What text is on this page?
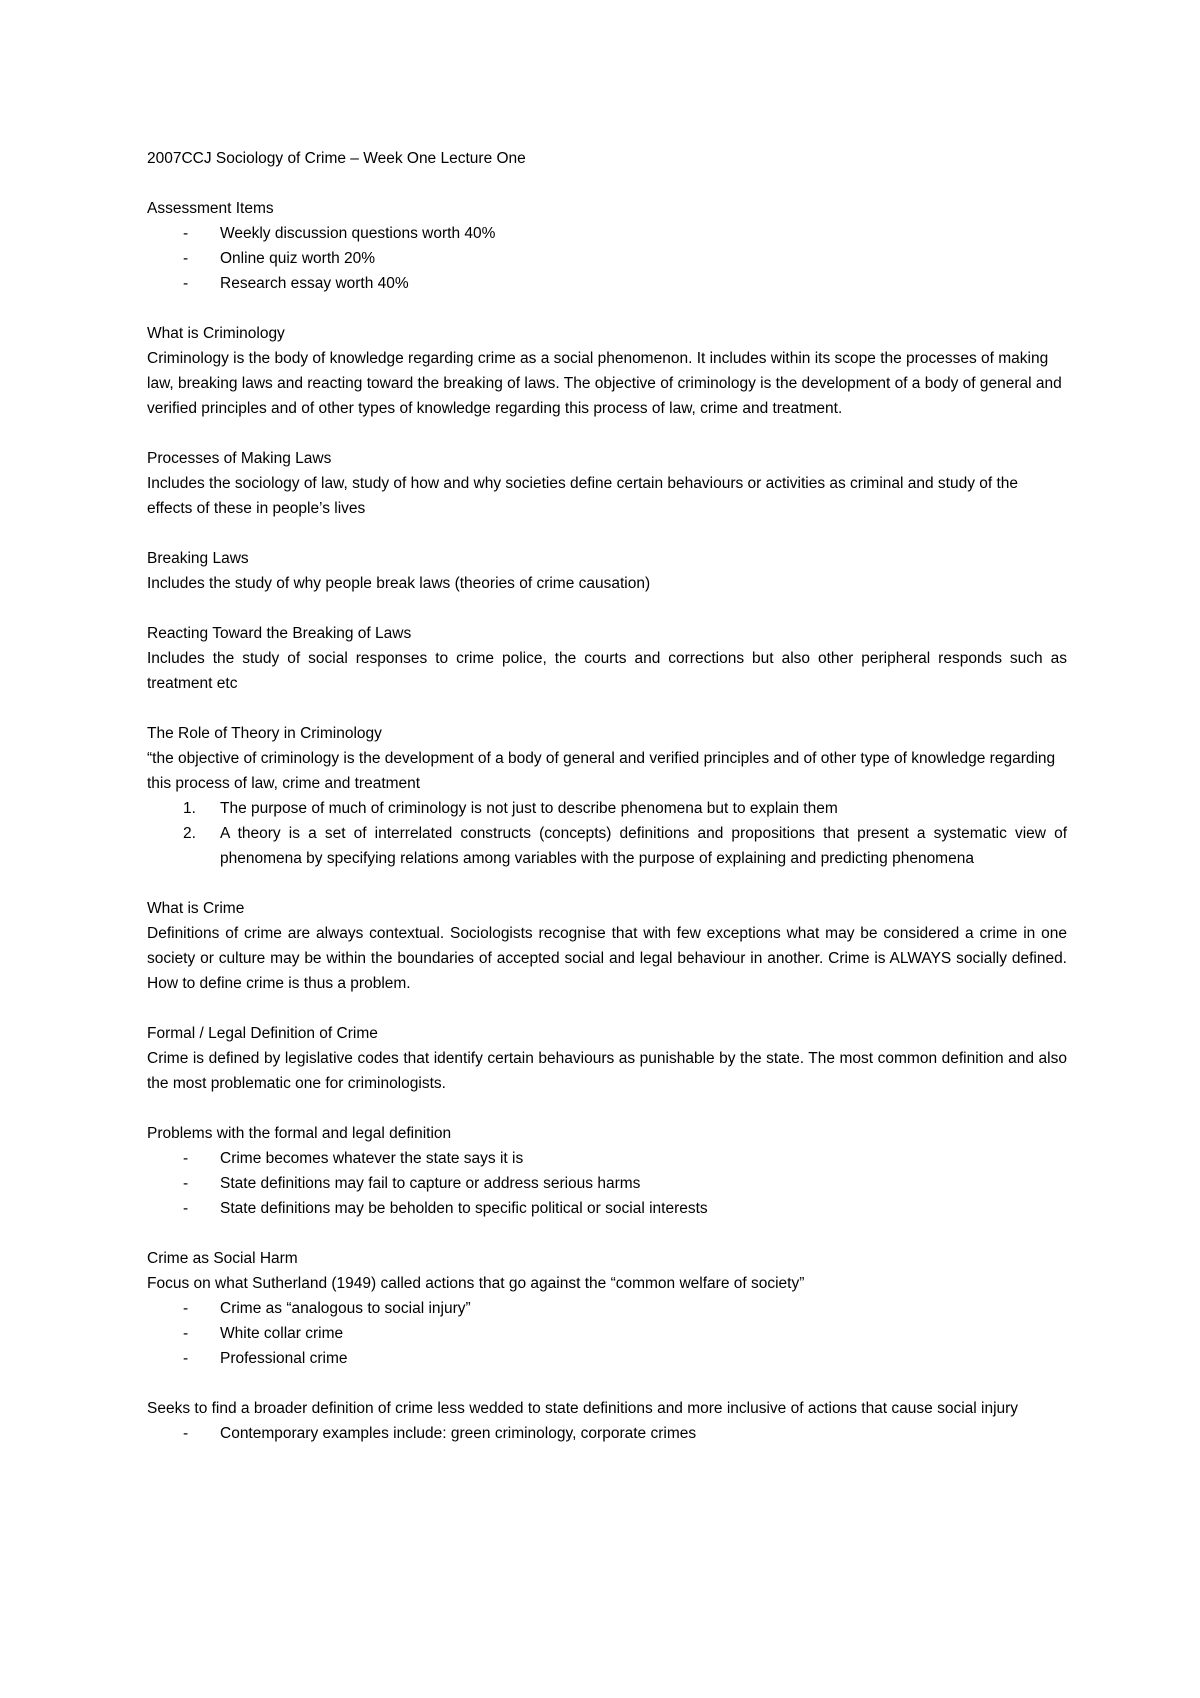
2007CCJ Sociology of Crime – Week One Lecture One

Assessment Items

- Weekly discussion questions worth 40%
- Online quiz worth 20%
- Research essay worth 40%

What is Criminology

Criminology is the body of knowledge regarding crime as a social phenomenon. It includes within its scope the processes of making law, breaking laws and reacting toward the breaking of laws. The objective of criminology is the development of a body of general and verified principles and of other types of knowledge regarding this process of law, crime and treatment.

Processes of Making Laws

Includes the sociology of law, study of how and why societies define certain behaviours or activities as criminal and study of the effects of these in people’s lives

Breaking Laws

Includes the study of why people break laws (theories of crime causation)

Reacting Toward the Breaking of Laws

Includes the study of social responses to crime police, the courts and corrections but also other peripheral responds such as treatment etc

The Role of Theory in Criminology

“the objective of criminology is the development of a body of general and verified principles and of other type of knowledge regarding this process of law, crime and treatment

1. The purpose of much of criminology is not just to describe phenomena but to explain them
2. A theory is a set of interrelated constructs (concepts) definitions and propositions that present a systematic view of phenomena by specifying relations among variables with the purpose of explaining and predicting phenomena

What is Crime

Definitions of crime are always contextual. Sociologists recognise that with few exceptions what may be considered a crime in one society or culture may be within the boundaries of accepted social and legal behaviour in another. Crime is ALWAYS socially defined. How to define crime is thus a problem.

Formal / Legal Definition of Crime

Crime is defined by legislative codes that identify certain behaviours as punishable by the state. The most common definition and also the most problematic one for criminologists.

Problems with the formal and legal definition

- Crime becomes whatever the state says it is
- State definitions may fail to capture or address serious harms
- State definitions may be beholden to specific political or social interests

Crime as Social Harm

Focus on what Sutherland (1949) called actions that go against the “common welfare of society”

- Crime as “analogous to social injury”
- White collar crime
- Professional crime

Seeks to find a broader definition of crime less wedded to state definitions and more inclusive of actions that cause social injury

- Contemporary examples include: green criminology, corporate crimes
